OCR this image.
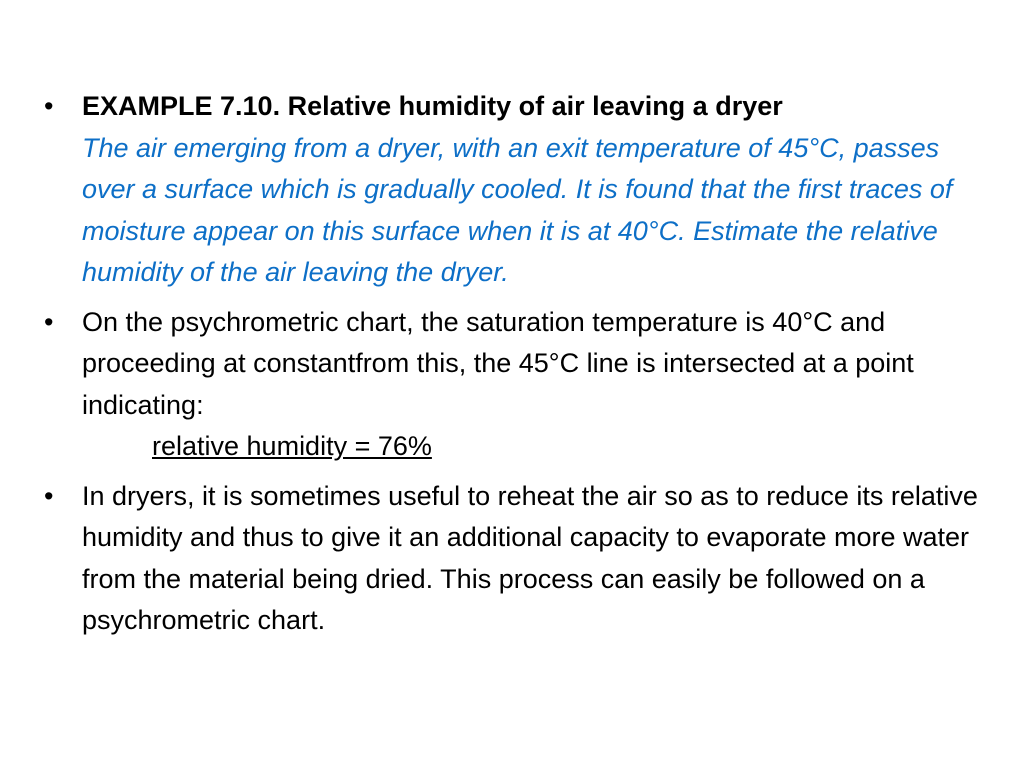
•	EXAMPLE 7.10. Relative humidity of air leaving a dryer
The air emerging from a dryer, with an exit temperature of 45°C, passes over a surface which is gradually cooled. It is found that the first traces of moisture appear on this surface when it is at 40°C. Estimate the relative humidity of the air leaving the dryer.
•	On the psychrometric chart, the saturation temperature is 40°C and proceeding at constantfrom this, the 45°C line is intersected at a point indicating:
relative humidity = 76%
•	In dryers, it is sometimes useful to reheat the air so as to reduce its relative humidity and thus to give it an additional capacity to evaporate more water from the material being dried. This process can easily be followed on a psychrometric chart.
